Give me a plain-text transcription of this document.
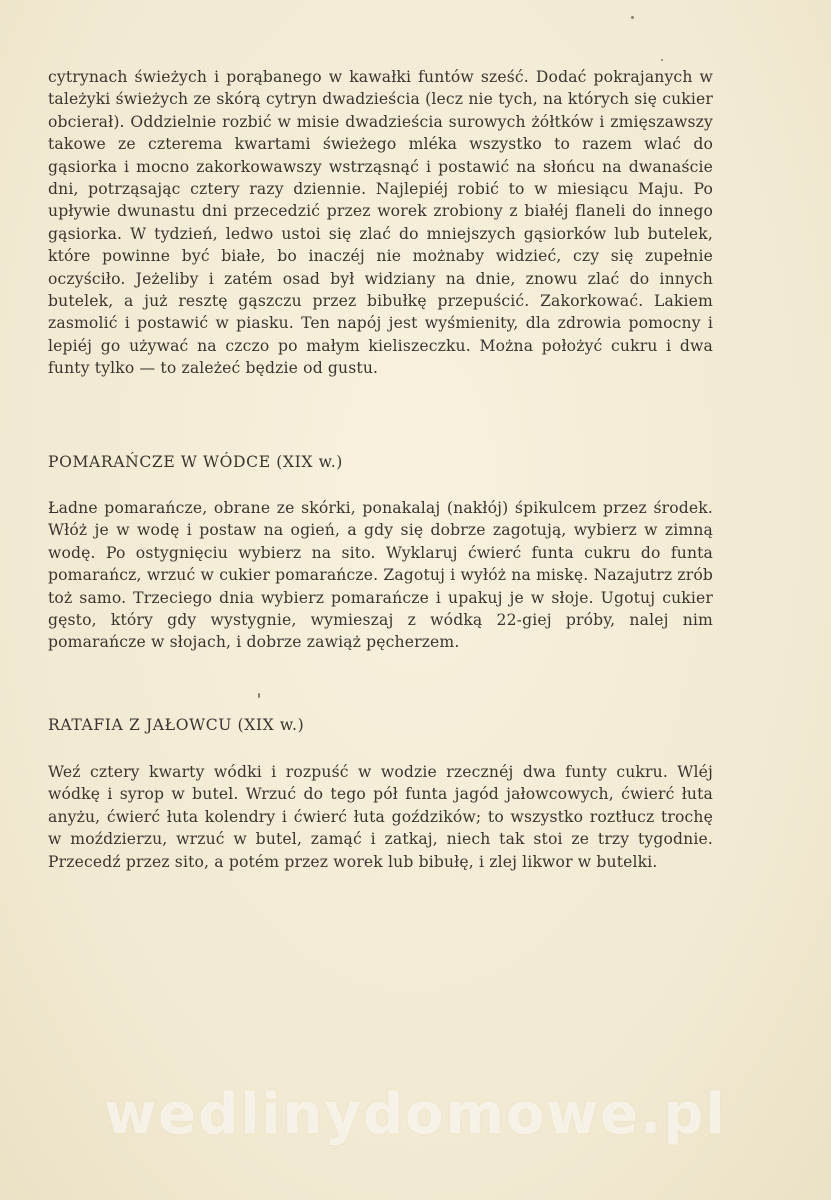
cytrynach świeżych i porąbanego w kawałki funtów sześć. Dodać pokrajanych w tależyki świeżych ze skórą cytryn dwadzieścia (lecz nie tych, na których się cukier obcierał). Oddzielnie rozbić w misie dwadzieścia surowych żółtków i zmięszawszy takowe ze czterema kwartami świeżego mléka wszystko to razem wlać do gąsiorka i mocno zakorkowawszy wstrząsnąć i postawić na słońcu na dwanaście dni, potrząsając cztery razy dziennie. Najlepiéj robić to w miesiącu Maju. Po upływie dwunastu dni przecedzić przez worek zrobiony z białéj flaneli do innego gąsiorka. W tydzień, ledwo ustoi się zlać do mniejszych gąsiorków lub butelek, które powinne być białe, bo inaczéj nie możnaby widzieć, czy się zupełnie oczyściło. Jeżeliby i zatém osad był widziany na dnie, znowu zlać do innych butelek, a już resztę gąszczu przez bibułkę przepuścić. Zakorkować. Lakiem zasmolić i postawić w piasku. Ten napój jest wyśmienity, dla zdrowia pomocny i lepiéj go używać na czczo po małym kieliszeczku. Można położyć cukru i dwa funty tylko — to zależeć będzie od gustu.

POMARAŃCZE W WÓDCE (XIX w.)

Ładne pomarańcze, obrane ze skórki, ponakalaj (nakłój) śpikulcem przez środek. Włóż je w wodę i postaw na ogień, a gdy się dobrze zagotują, wybierz w zimną wodę. Po ostygnięciu wybierz na sito. Wyklaruj ćwierć funta cukru do funta pomarańcz, wrzuć w cukier pomarańcze. Zagotuj i wyłóż na miskę. Nazajutrz zrób toż samo. Trzeciego dnia wybierz pomarańcze i upakuj je w słoje. Ugotuj cukier gęsto, który gdy wystygnie, wymieszaj z wódką 22-giej próby, nalej nim pomarańcze w słojach, i dobrze zawiąż pęcherzem.

RATAFIA Z JAŁOWCU (XIX w.)

Weź cztery kwarty wódki i rozpuść w wodzie rzecznéj dwa funty cukru. Wléj wódkę i syrop w butel. Wrzuć do tego pół funta jagód jałowcowych, ćwierć łuta anyżu, ćwierć łuta kolendry i ćwierć łuta goździków; to wszystko roztłucz trochę w moździerzu, wrzuć w butel, zamąć i zatkaj, niech tak stoi ze trzy tygodnie. Przecedź przez sito, a potém przez worek lub bibułę, i zlej likwor w butelki.

wedlinydomowe.pl
